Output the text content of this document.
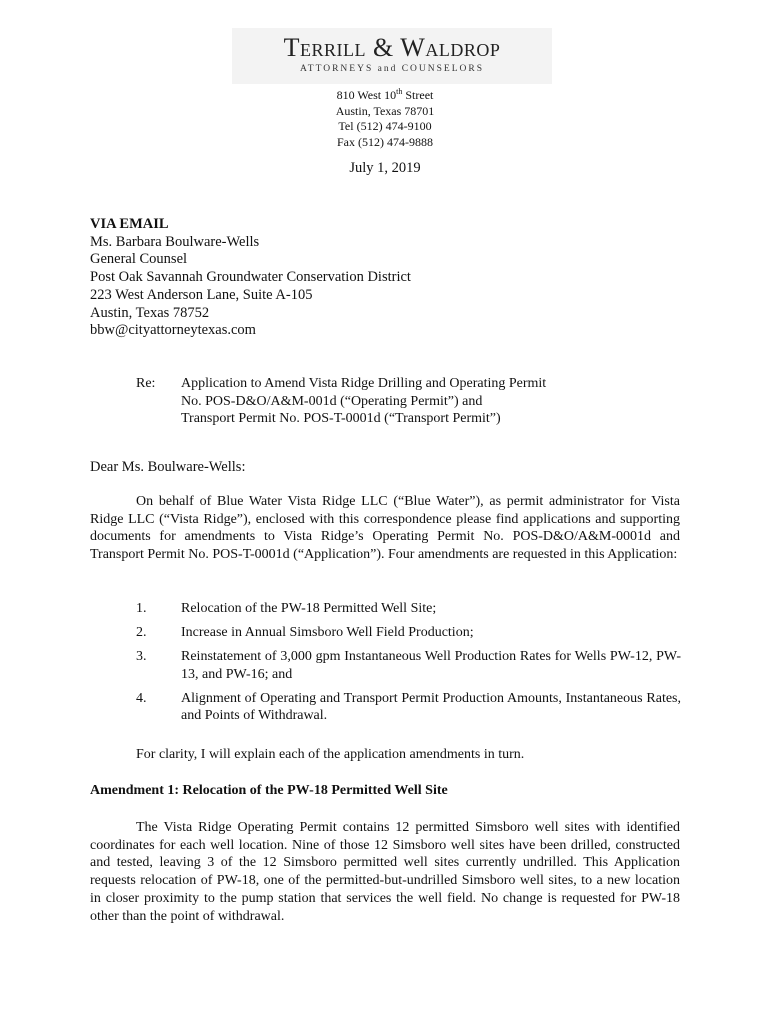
Terrill & Waldrop
ATTORNEYS and COUNSELORS
810 West 10th Street
Austin, Texas 78701
Tel (512) 474-9100
Fax (512) 474-9888
July 1, 2019
VIA EMAIL
Ms. Barbara Boulware-Wells
General Counsel
Post Oak Savannah Groundwater Conservation District
223 West Anderson Lane, Suite A-105
Austin, Texas 78752
bbw@cityattorneytexas.com
Re: Application to Amend Vista Ridge Drilling and Operating Permit
No. POS-D&O/A&M-001d (“Operating Permit”) and
Transport Permit No. POS-T-0001d (“Transport Permit”)
Dear Ms. Boulware-Wells:
On behalf of Blue Water Vista Ridge LLC (“Blue Water”), as permit administrator for Vista Ridge LLC (“Vista Ridge”), enclosed with this correspondence please find applications and supporting documents for amendments to Vista Ridge’s Operating Permit No. POS-D&O/A&M-0001d and Transport Permit No. POS-T-0001d (“Application”). Four amendments are requested in this Application:
1. Relocation of the PW-18 Permitted Well Site;
2. Increase in Annual Simsboro Well Field Production;
3. Reinstatement of 3,000 gpm Instantaneous Well Production Rates for Wells PW-12, PW-13, and PW-16; and
4. Alignment of Operating and Transport Permit Production Amounts, Instantaneous Rates, and Points of Withdrawal.
For clarity, I will explain each of the application amendments in turn.
Amendment 1: Relocation of the PW-18 Permitted Well Site
The Vista Ridge Operating Permit contains 12 permitted Simsboro well sites with identified coordinates for each well location. Nine of those 12 Simsboro well sites have been drilled, constructed and tested, leaving 3 of the 12 Simsboro permitted well sites currently undrilled. This Application requests relocation of PW-18, one of the permitted-but-undrilled Simsboro well sites, to a new location in closer proximity to the pump station that services the well field. No change is requested for PW-18 other than the point of withdrawal.
